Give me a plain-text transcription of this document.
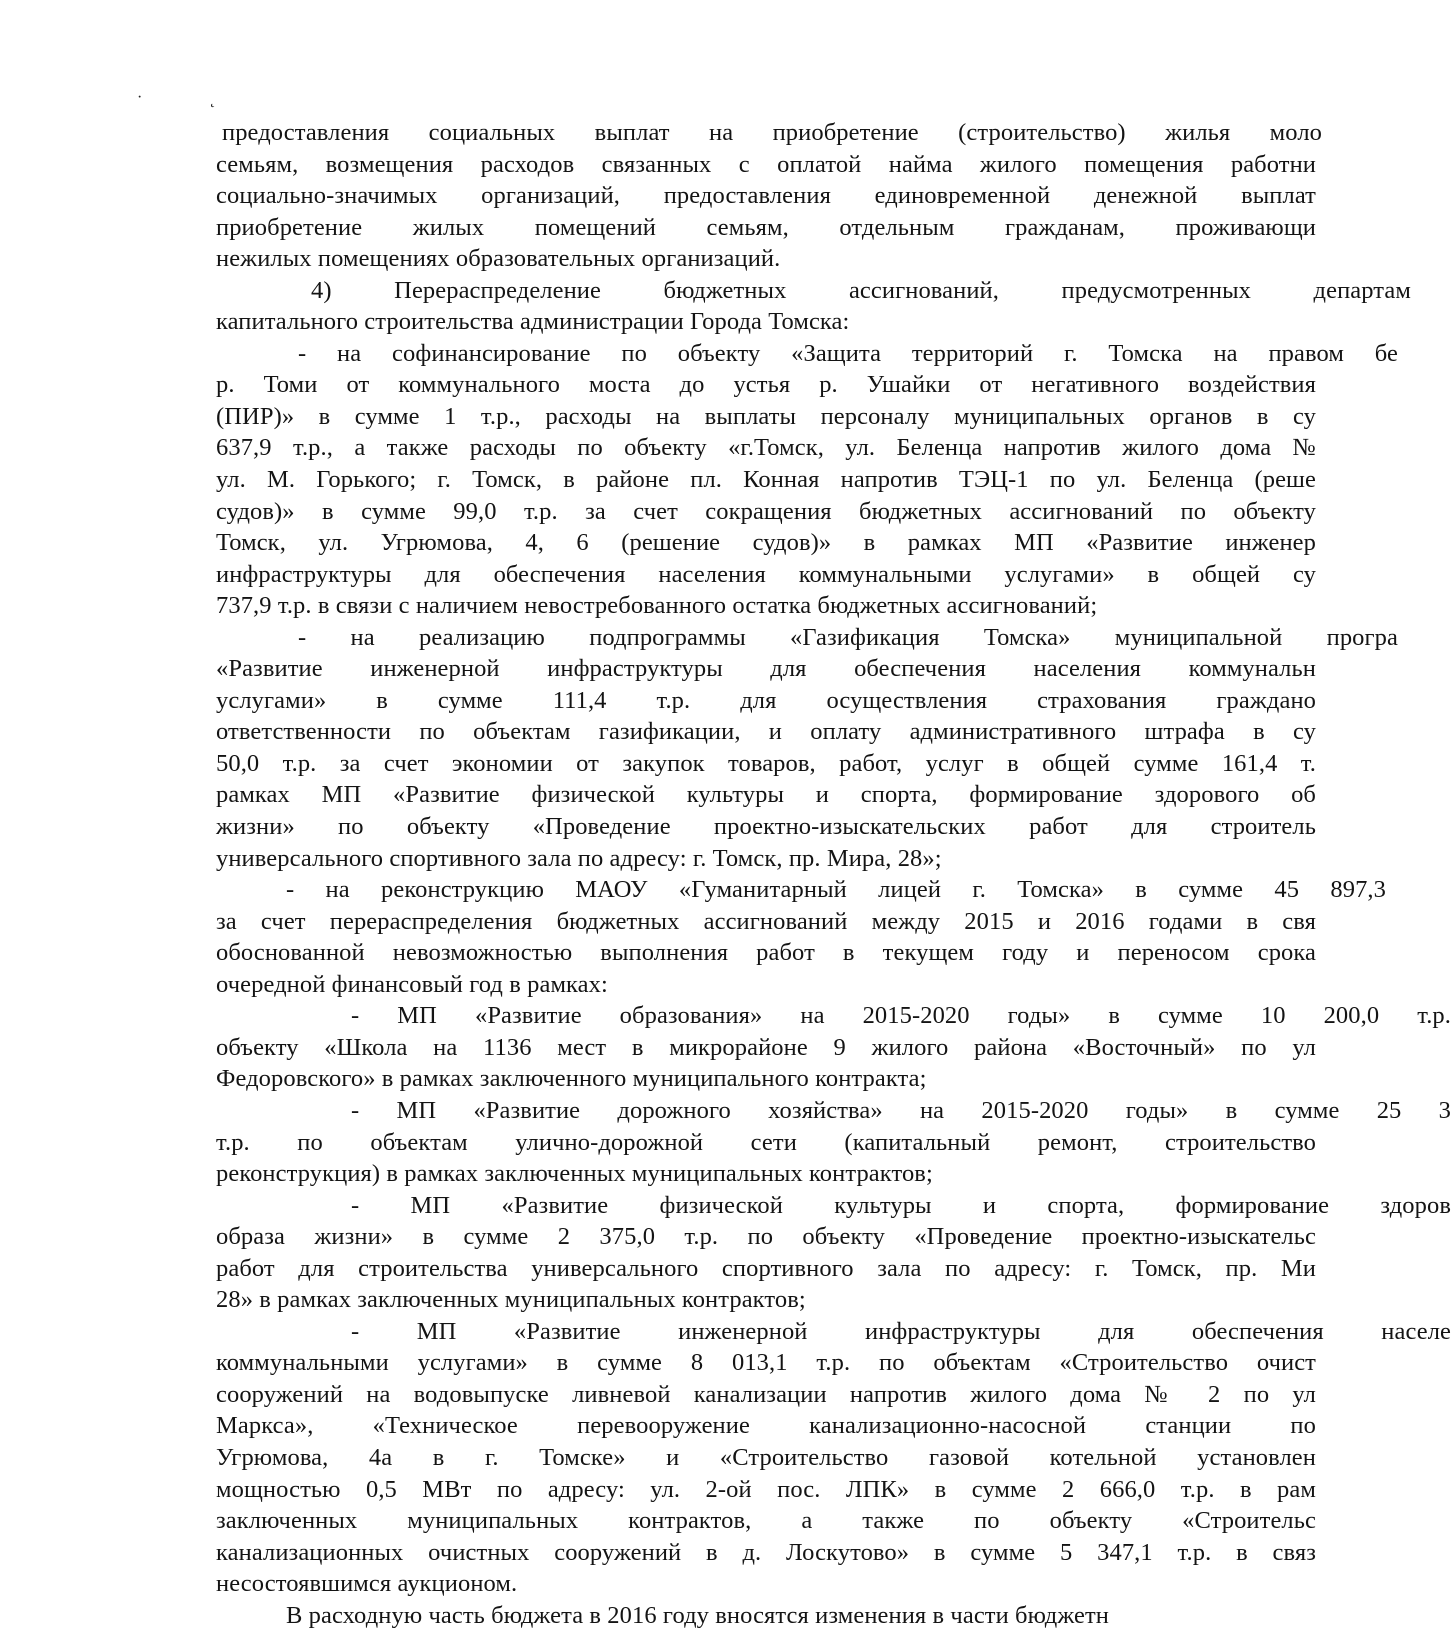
·	˛
предоставления социальных выплат на приобретение (строительство) жилья моло
семьям, возмещения расходов связанных с оплатой найма жилого помещения работни
социально-значимых организаций, предоставления единовременной денежной выплат
приобретение жилых помещений семьям, отдельным гражданам, проживающи
нежилых помещениях образовательных организаций.
4) Перераспределение бюджетных ассигнований, предусмотренных департам
капитального строительства администрации Города Томска:
- на софинансирование по объекту «Защита территорий г. Томска на правом бе
р. Томи от коммунального моста до устья р. Ушайки от негативного воздействия
(ПИР)» в сумме 1 т.р., расходы на выплаты персоналу муниципальных органов в су
637,9 т.р., а также расходы по объекту «г.Томск, ул. Беленца напротив жилого дома №
ул. М. Горького; г. Томск, в районе пл. Конная напротив ТЭЦ-1 по ул. Беленца (реше
судов)» в сумме 99,0 т.р. за счет сокращения бюджетных ассигнований по объекту
Томск, ул. Угрюмова, 4, 6 (решение судов)» в рамках МП «Развитие инженер
инфраструктуры для обеспечения населения коммунальными услугами» в общей су
737,9 т.р. в связи с наличием невостребованного остатка бюджетных ассигнований;
- на реализацию подпрограммы «Газификация Томска» муниципальной програ
«Развитие инженерной инфраструктуры для обеспечения населения коммунальн
услугами» в сумме 111,4 т.р. для осуществления страхования граждано
ответственности по объектам газификации, и оплату административного штрафа в су
50,0 т.р. за счет экономии от закупок товаров, работ, услуг в общей сумме 161,4 т.
рамках МП «Развитие физической культуры и спорта, формирование здорового об
жизни» по объекту «Проведение проектно-изыскательских работ для строитель
универсального спортивного зала по адресу: г. Томск, пр. Мира, 28»;
- на реконструкцию МАОУ «Гуманитарный лицей г. Томска» в сумме 45 897,3
за счет перераспределения бюджетных ассигнований между 2015 и 2016 годами в свя
обоснованной невозможностью выполнения работ в текущем году и переносом срока
очередной финансовый год в рамках:
- МП «Развитие образования» на 2015-2020 годы» в сумме 10 200,0 т.р.
объекту «Школа на 1136 мест в микрорайоне 9 жилого района «Восточный» по ул
Федоровского» в рамках заключенного муниципального контракта;
- МП «Развитие дорожного хозяйства» на 2015-2020 годы» в сумме 25 3
т.р. по объектам улично-дорожной сети (капитальный ремонт, строительство
реконструкция) в рамках заключенных муниципальных контрактов;
- МП «Развитие физической культуры и спорта, формирование здоров
образа жизни» в сумме 2 375,0 т.р. по объекту «Проведение проектно-изыскательс
работ для строительства универсального спортивного зала по адресу: г. Томск, пр. Ми
28» в рамках заключенных муниципальных контрактов;
- МП «Развитие инженерной инфраструктуры для обеспечения населе
коммунальными услугами» в сумме 8 013,1 т.р. по объектам «Строительство очист
сооружений на водовыпуске ливневой канализации напротив жилого дома № 2 по ул
Маркса», «Техническое перевооружение канализационно-насосной станции по
Угрюмова, 4а в г. Томске» и «Строительство газовой котельной установлен
мощностью 0,5 МВт по адресу: ул. 2-ой пос. ЛПК» в сумме 2 666,0 т.р. в рам
заключенных муниципальных контрактов, а также по объекту «Строительс
канализационных очистных сооружений в д. Лоскутово» в сумме 5 347,1 т.р. в связ
несостоявшимся аукционом.
В расходную часть бюджета в 2016 году вносятся изменения в части бюджетн
